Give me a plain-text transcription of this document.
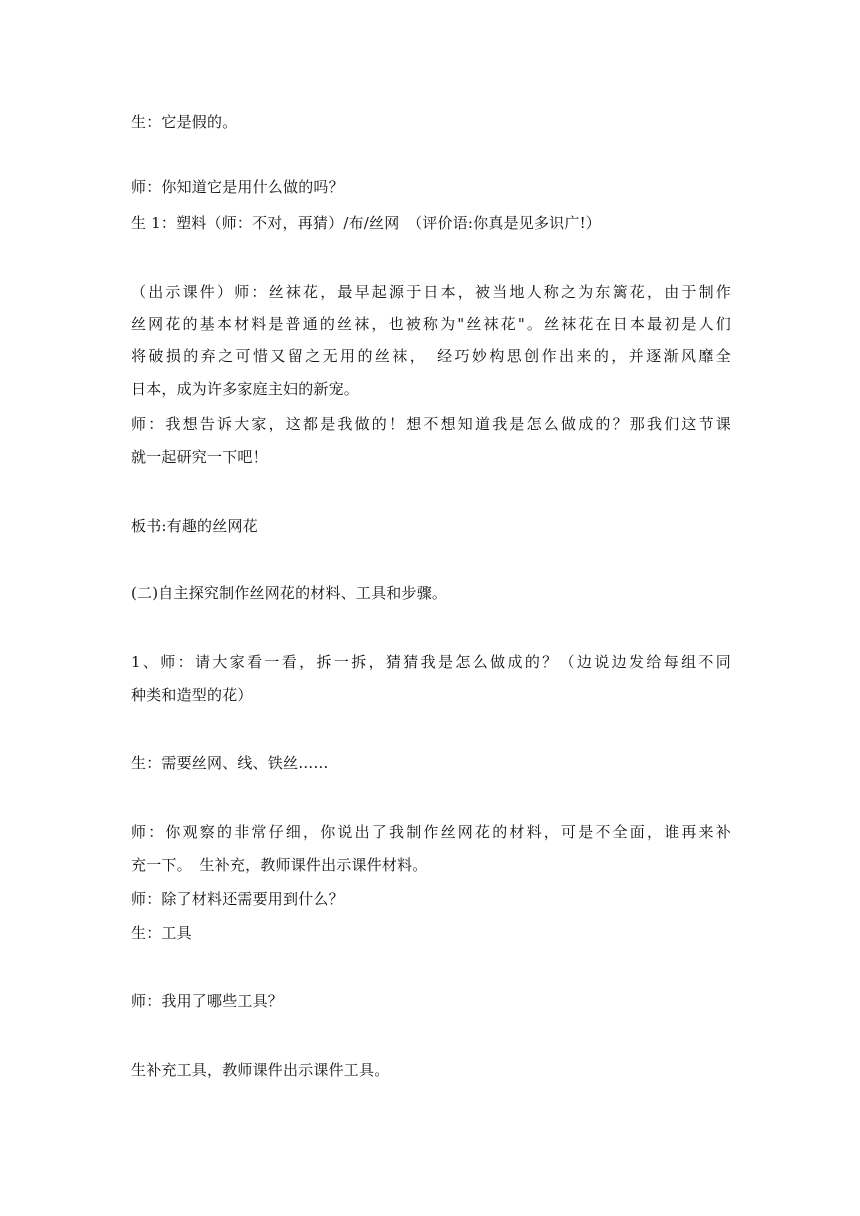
生：它是假的。
师：你知道它是用什么做的吗？
生 1：塑料（师：不对，再猜）/布/丝网　（评价语:你真是见多识广!）
（出示课件）师：丝袜花，最早起源于日本，被当地人称之为东篱花，由于制作
丝网花的基本材料是普通的丝袜，也被称为"丝袜花"。丝袜花在日本最初是人们
将破损的弃之可惜又留之无用的丝袜，　经巧妙构思创作出来的，并逐渐风靡全
日本，成为许多家庭主妇的新宠。
师：我想告诉大家，这都是我做的！想不想知道我是怎么做成的？那我们这节课
就一起研究一下吧！
板书:有趣的丝网花
(二)自主探究制作丝网花的材料、工具和步骤。
1、师：请大家看一看，拆一拆，猜猜我是怎么做成的？（边说边发给每组不同
种类和造型的花）
生：需要丝网、线、铁丝……
师：你观察的非常仔细，你说出了我制作丝网花的材料，可是不全面，谁再来补
充一下。　生补充，教师课件出示课件材料。
师：除了材料还需要用到什么？
生：工具
师：我用了哪些工具？
生补充工具，教师课件出示课件工具。
